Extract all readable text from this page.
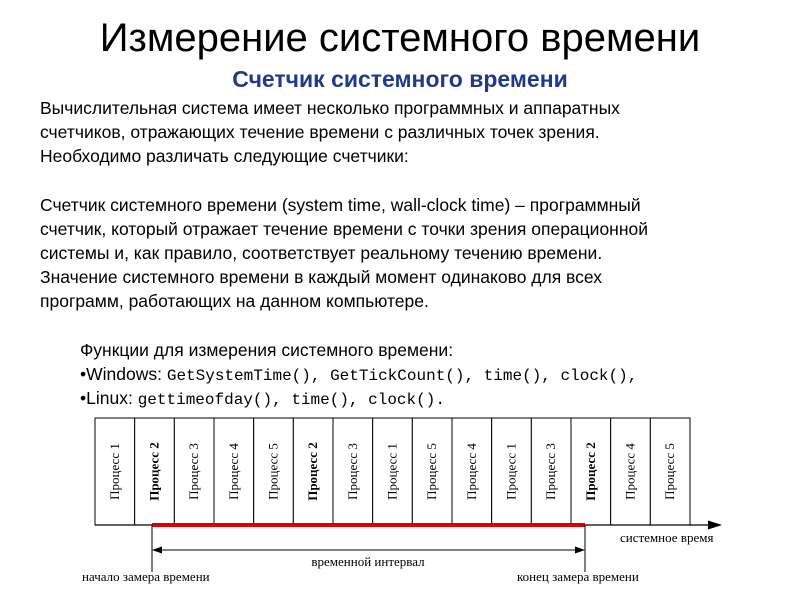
Измерение системного времени
Счетчик системного времени
Вычислительная система имеет несколько программных и аппаратных
счетчиков, отражающих течение времени с различных точек зрения.
Необходимо различать следующие счетчики:
Счетчик системного времени (system time, wall-clock time) – программный
счетчик, который отражает течение времени с точки зрения операционной
системы и, как правило, соответствует реальному течению времени.
Значение системного времени в каждый момент одинаково для всех
программ, работающих на данном компьютере.
Функции для измерения системного времени:
•Windows: GetSystemTime(), GetTickCount(), time(), clock(),
•Linux: gettimeofday(), time(), clock().
Процесс 1 Процесс 2 Процесс 3 Процесс 4 Процесс 5 Процесс 2 Процесс 3 Процесс 1 Процесс 5 Процесс 4 Процесс 1 Процесс 3 Процесс 2 Процесс 4 Процесс 5
системное время
временной интервал
начало замера времени	конец замера времени
